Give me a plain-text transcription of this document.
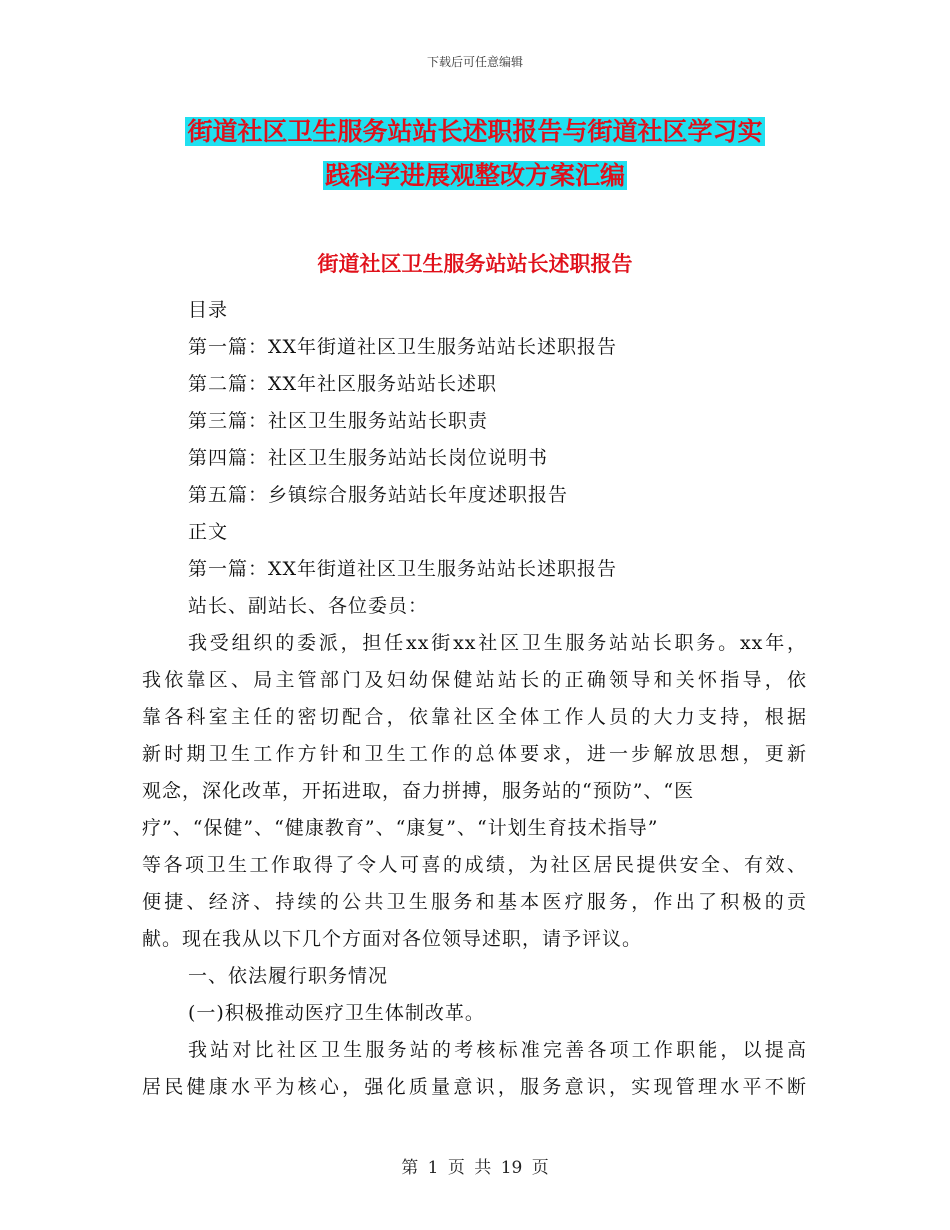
下载后可任意编辑
街道社区卫生服务站站长述职报告与街道社区学习实
践科学进展观整改方案汇编
街道社区卫生服务站站长述职报告
目录
第一篇：XX年街道社区卫生服务站站长述职报告
第二篇：XX年社区服务站站长述职
第三篇：社区卫生服务站站长职责
第四篇：社区卫生服务站站长岗位说明书
第五篇：乡镇综合服务站站长年度述职报告
正文
第一篇：XX年街道社区卫生服务站站长述职报告
站长、副站长、各位委员：
我受组织的委派，担任xx街xx社区卫生服务站站长职务。xx年，
我依靠区、局主管部门及妇幼保健站站长的正确领导和关怀指导，依
靠各科室主任的密切配合，依靠社区全体工作人员的大力支持，根据
新时期卫生工作方针和卫生工作的总体要求，进一步解放思想，更新
观念，深化改革，开拓进取，奋力拼搏，服务站的“预防”、“医
疗”、“保健”、“健康教育”、“康复”、“计划生育技术指导”
等各项卫生工作取得了令人可喜的成绩，为社区居民提供安全、有效、
便捷、经济、持续的公共卫生服务和基本医疗服务，作出了积极的贡
献。现在我从以下几个方面对各位领导述职，请予评议。
一、依法履行职务情况
(一)积极推动医疗卫生体制改革。
我站对比社区卫生服务站的考核标准完善各项工作职能，以提高
居民健康水平为核心，强化质量意识，服务意识，实现管理水平不断
第 1 页 共 19 页
